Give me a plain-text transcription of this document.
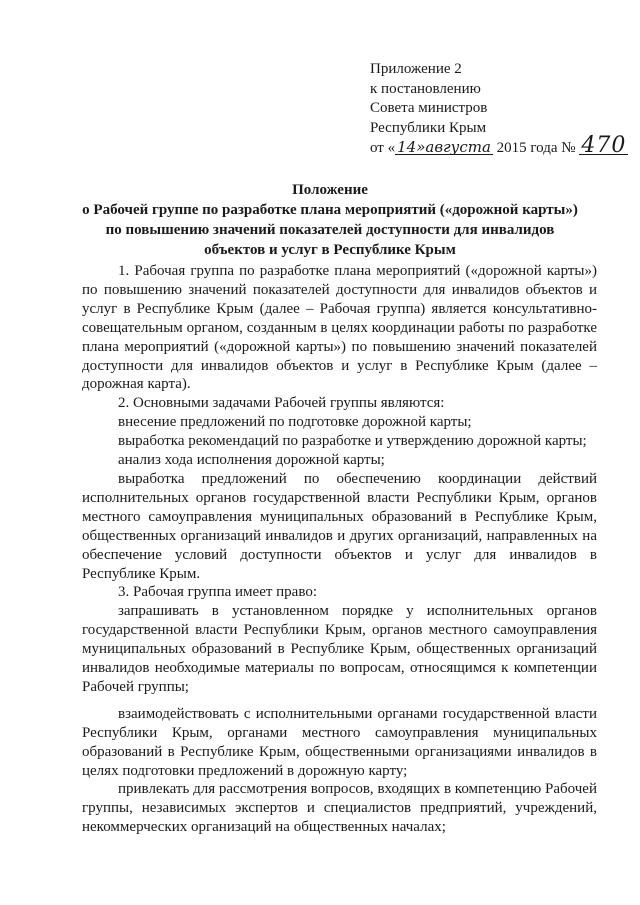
Приложение 2
к постановлению
Совета министров
Республики Крым
от « 14»августа 2015 года № 470
Положение
о Рабочей группе по разработке плана мероприятий («дорожной карты»)
по повышению значений показателей доступности для инвалидов
объектов и услуг в Республике Крым

1. Рабочая группа по разработке плана мероприятий («дорожной карты») по повышению значений показателей доступности для инвалидов объектов и услуг в Республике Крым (далее – Рабочая группа) является консультативно-совещательным органом, созданным в целях координации работы по разработке плана мероприятий («дорожной карты») по повышению значений показателей доступности для инвалидов объектов и услуг в Республике Крым (далее – дорожная карта).

2. Основными задачами Рабочей группы являются:

внесение предложений по подготовке дорожной карты;

выработка рекомендаций по разработке и утверждению дорожной карты;

анализ хода исполнения дорожной карты;

выработка предложений по обеспечению координации действий исполнительных органов государственной власти Республики Крым, органов местного самоуправления муниципальных образований в Республике Крым, общественных организаций инвалидов и других организаций, направленных на обеспечение условий доступности объектов и услуг для инвалидов в Республике Крым.

3. Рабочая группа имеет право:

запрашивать в установленном порядке у исполнительных органов государственной власти Республики Крым, органов местного самоуправления муниципальных образований в Республике Крым, общественных организаций инвалидов необходимые материалы по вопросам, относящимся к компетенции Рабочей группы;

взаимодействовать с исполнительными органами государственной власти Республики Крым, органами местного самоуправления муниципальных образований в Республике Крым, общественными организациями инвалидов в целях подготовки предложений в дорожную карту;

привлекать для рассмотрения вопросов, входящих в компетенцию Рабочей группы, независимых экспертов и специалистов предприятий, учреждений, некоммерческих организаций на общественных началах;
